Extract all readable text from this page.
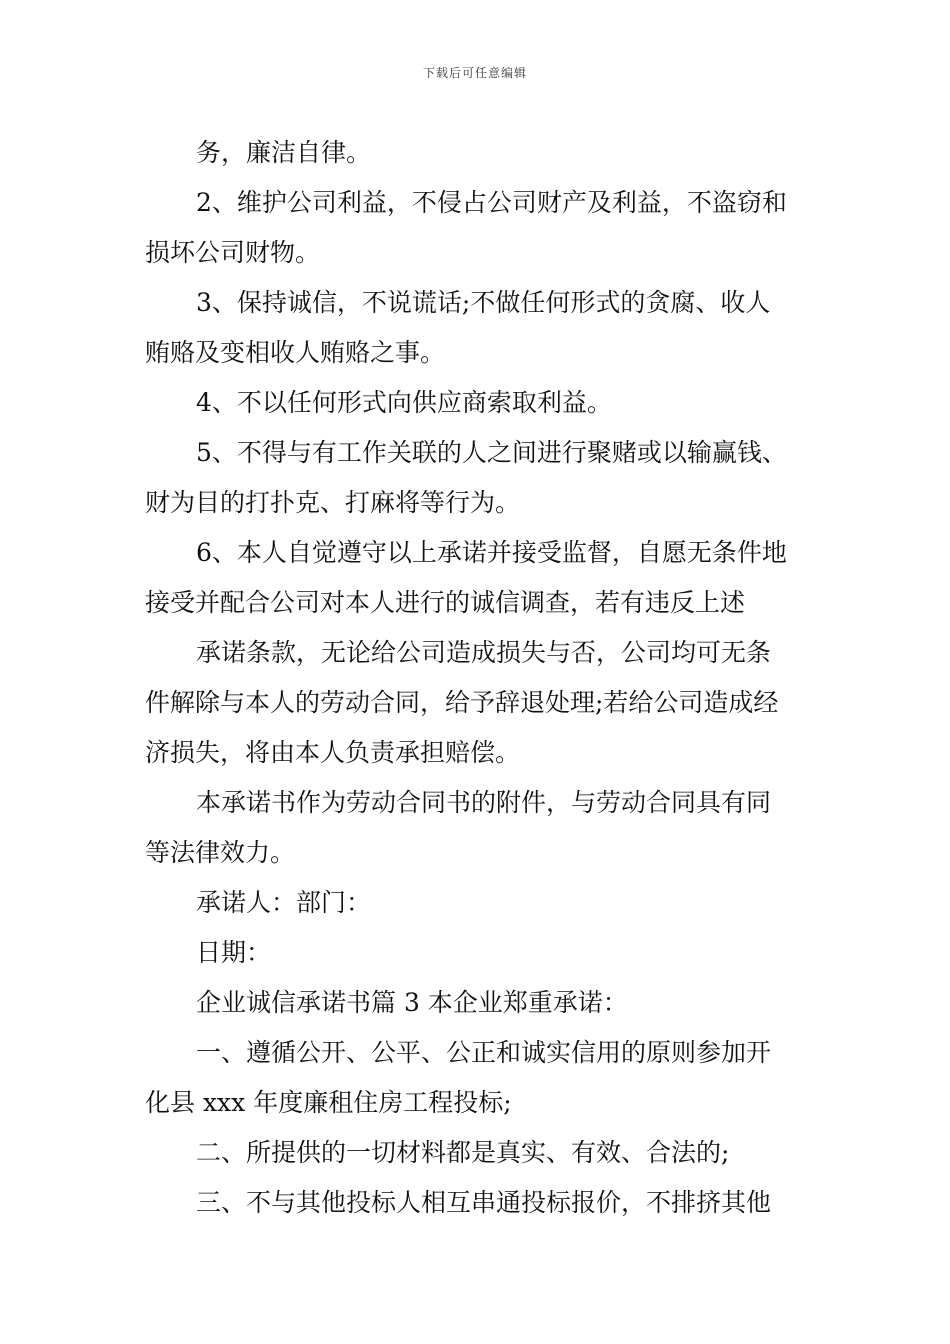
下载后可任意编辑
务，廉洁自律。
2、维护公司利益，不侵占公司财产及利益，不盗窃和
损坏公司财物。
3、保持诚信，不说谎话;不做任何形式的贪腐、收人
贿赂及变相收人贿赂之事。
4、不以任何形式向供应商索取利益。
5、不得与有工作关联的人之间进行聚赌或以输赢钱、
财为目的打扑克、打麻将等行为。
6、本人自觉遵守以上承诺并接受监督，自愿无条件地
接受并配合公司对本人进行的诚信调查，若有违反上述
承诺条款，无论给公司造成损失与否，公司均可无条
件解除与本人的劳动合同，给予辞退处理;若给公司造成经
济损失，将由本人负责承担赔偿。
本承诺书作为劳动合同书的附件，与劳动合同具有同
等法律效力。
承诺人：部门：
日期：
企业诚信承诺书篇 3 本企业郑重承诺：
一、遵循公开、公平、公正和诚实信用的原则参加开
化县 xxx 年度廉租住房工程投标;
二、所提供的一切材料都是真实、有效、合法的;
三、不与其他投标人相互串通投标报价，不排挤其他
